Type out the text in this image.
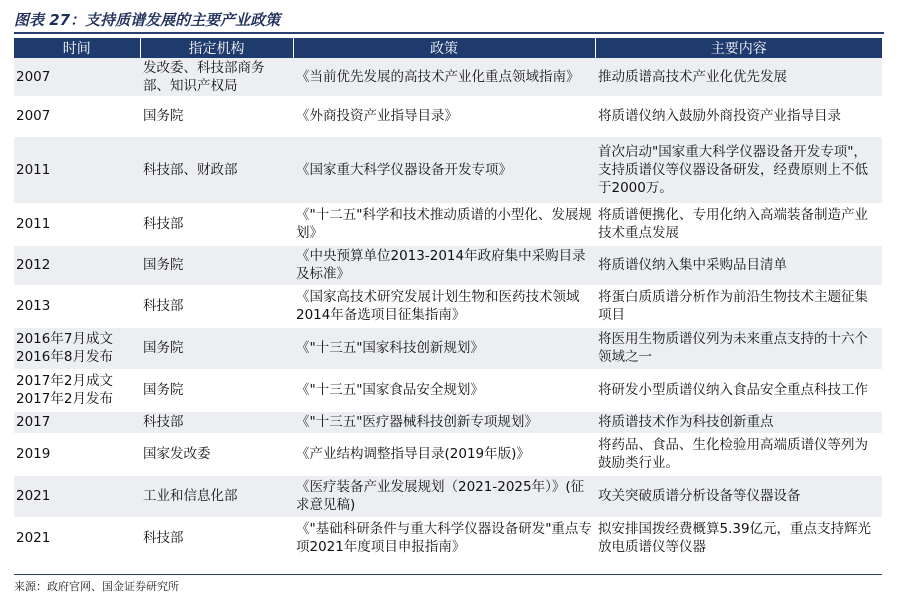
图表 27：支持质谱发展的主要产业政策
时间	指定机构	政策	主要内容
2007	发改委、科技部商务部、知识产权局	《当前优先发展的高技术产业化重点领域指南》	推动质谱高技术产业化优先发展
2007	国务院	《外商投资产业指导目录》	将质谱仪纳入鼓励外商投资产业指导目录
2011	科技部、财政部	《国家重大科学仪器设备开发专项》	首次启动"国家重大科学仪器设备开发专项"，支持质谱仪等仪器设备研发，经费原则上不低于2000万。
2011	科技部	《"十二五"科学和技术推动质谱的小型化、发展规划》	将质谱便携化、专用化纳入高端装备制造产业技术重点发展
2012	国务院	《中央预算单位2013-2014年政府集中采购目录及标准》	将质谱仪纳入集中采购品目清单
2013	科技部	《国家高技术研究发展计划生物和医药技术领域2014年备选项目征集指南》	将蛋白质质谱分析作为前沿生物技术主题征集项目
2016年7月成文 2016年8月发布	国务院	《"十三五"国家科技创新规划》	将医用生物质谱仪列为未来重点支持的十六个领域之一
2017年2月成文 2017年2月发布	国务院	《"十三五"国家食品安全规划》	将研发小型质谱仪纳入食品安全重点科技工作
2017	科技部	《"十三五"医疗器械科技创新专项规划》	将质谱技术作为科技创新重点
2019	国家发改委	《产业结构调整指导目录(2019年版)》	将药品、食品、生化检验用高端质谱仪等列为鼓励类行业。
2021	工业和信息化部	《医疗装备产业发展规划（2021-2025年）》(征求意见稿)	攻关突破质谱分析设备等仪器设备
2021	科技部	《"基础科研条件与重大科学仪器设备研发"重点专项2021年度项目申报指南》	拟安排国拨经费概算5.39亿元，重点支持辉光放电质谱仪等仪器
来源：政府官网、国金证券研究所
